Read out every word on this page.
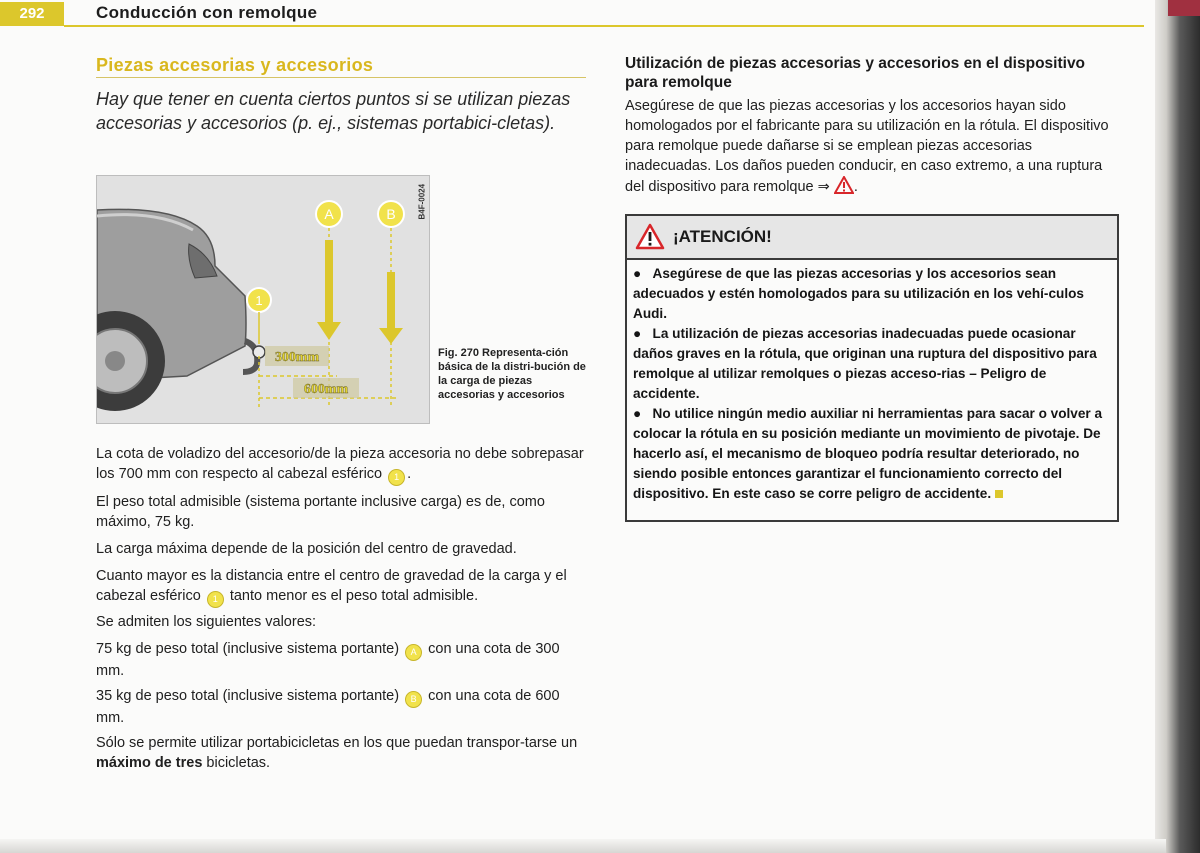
292	Conducción con remolque
Piezas accesorias y accesorios
Hay que tener en cuenta ciertos puntos si se utilizan piezas accesorias y accesorios (p. ej., sistemas portabici-cletas).
A	B
1
300mm
600mm
B4F-0024
Fig. 270 Representa-ción básica de la distri-bución de la carga de piezas accesorias y accesorios
La cota de voladizo del accesorio/de la pieza accesoria no debe sobrepasar los 700 mm con respecto al cabezal esférico 1 .
El peso total admisible (sistema portante inclusive carga) es de, como máximo, 75 kg.
La carga máxima depende de la posición del centro de gravedad.
Cuanto mayor es la distancia entre el centro de gravedad de la carga y el cabezal esférico 1 tanto menor es el peso total admisible.
Se admiten los siguientes valores:
75 kg de peso total (inclusive sistema portante) A con una cota de 300 mm.
35 kg de peso total (inclusive sistema portante) B con una cota de 600 mm.
Sólo se permite utilizar portabicicletas en los que puedan transpor-tarse un máximo de tres bicicletas.
Utilización de piezas accesorias y accesorios en el dispositivo para remolque
Asegúrese de que las piezas accesorias y los accesorios hayan sido homologados por el fabricante para su utilización en la rótula. El dispositivo para remolque puede dañarse si se emplean piezas accesorias inadecuadas. Los daños pueden conducir, en caso extremo, a una ruptura del dispositivo para remolque ⇒ .
¡ATENCIÓN!

●   Asegúrese de que las piezas accesorias y los accesorios sean adecuados y estén homologados para su utilización en los vehí-culos Audi.

●   La utilización de piezas accesorias inadecuadas puede ocasionar daños graves en la rótula, que originan una ruptura del dispositivo para remolque al utilizar remolques o piezas acceso-rias – Peligro de accidente.

●   No utilice ningún medio auxiliar ni herramientas para sacar o volver a colocar la rótula en su posición mediante un movimiento de pivotaje. De hacerlo así, el mecanismo de bloqueo podría resultar deteriorado, no siendo posible entonces garantizar el funcionamiento correcto del dispositivo. En este caso se corre peligro de accidente.
